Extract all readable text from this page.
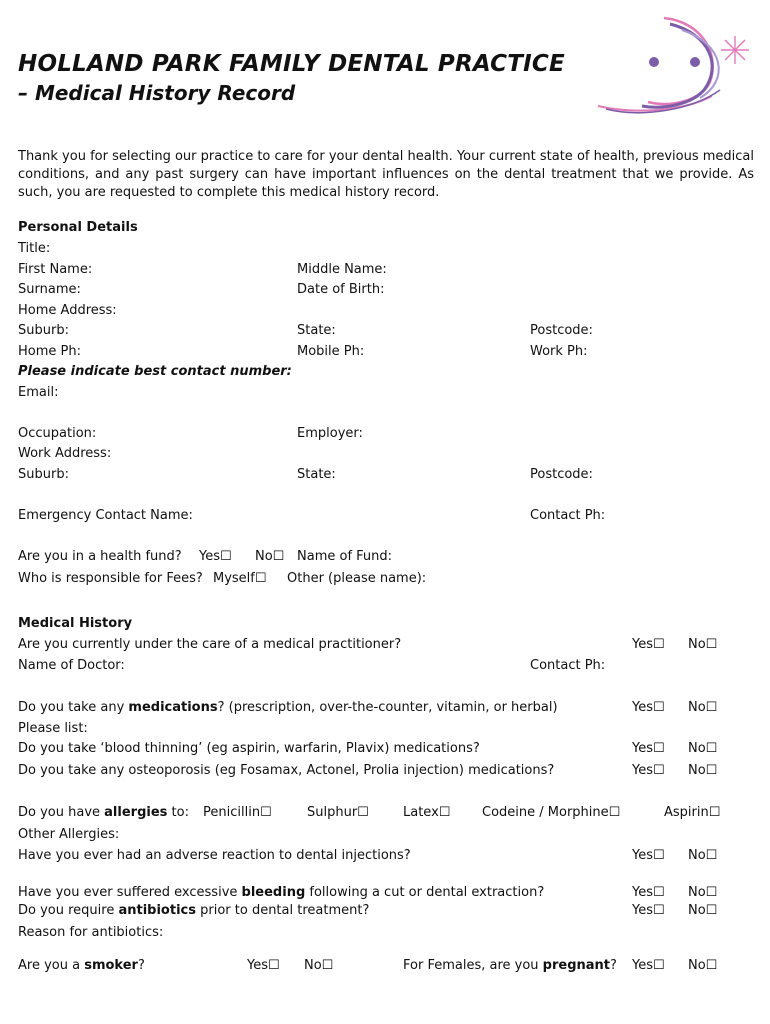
HOLLAND PARK FAMILY DENTAL PRACTICE
– Medical History Record
Thank you for selecting our practice to care for your dental health. Your current state of health, previous medical conditions, and any past surgery can have important influences on the dental treatment that we provide. As such, you are requested to complete this medical history record.
Personal Details
Title:
First Name:	Middle Name:
Surname:	Date of Birth:
Home Address:
Suburb:	State:	Postcode:
Home Ph:	Mobile Ph:	Work Ph:
Please indicate best contact number:
Email:
Occupation:	Employer:
Work Address:
Suburb:	State:	Postcode:
Emergency Contact Name:	Contact Ph:
Are you in a health fund? Yes☐ No☐ Name of Fund:
Who is responsible for Fees? Myself☐ Other (please name):
Medical History
Are you currently under the care of a medical practitioner?	Yes☐ No☐
Name of Doctor:	Contact Ph:
Do you take any medications? (prescription, over-the-counter, vitamin, or herbal)	Yes☐ No☐
Please list:
Do you take ‘blood thinning’ (eg aspirin, warfarin, Plavix) medications?	Yes☐ No☐
Do you take any osteoporosis (eg Fosamax, Actonel, Prolia injection) medications?	Yes☐ No☐
Do you have allergies to: Penicillin☐	Sulphur☐	Latex☐ Codeine / Morphine☐	Aspirin☐
Other Allergies:
Have you ever had an adverse reaction to dental injections?	Yes☐ No☐
Have you ever suffered excessive bleeding following a cut or dental extraction?	Yes☐ No☐
Do you require antibiotics prior to dental treatment?	Yes☐ No☐
Reason for antibiotics:
Are you a smoker?	Yes☐ No☐	For Females, are you pregnant? Yes☐ No☐
